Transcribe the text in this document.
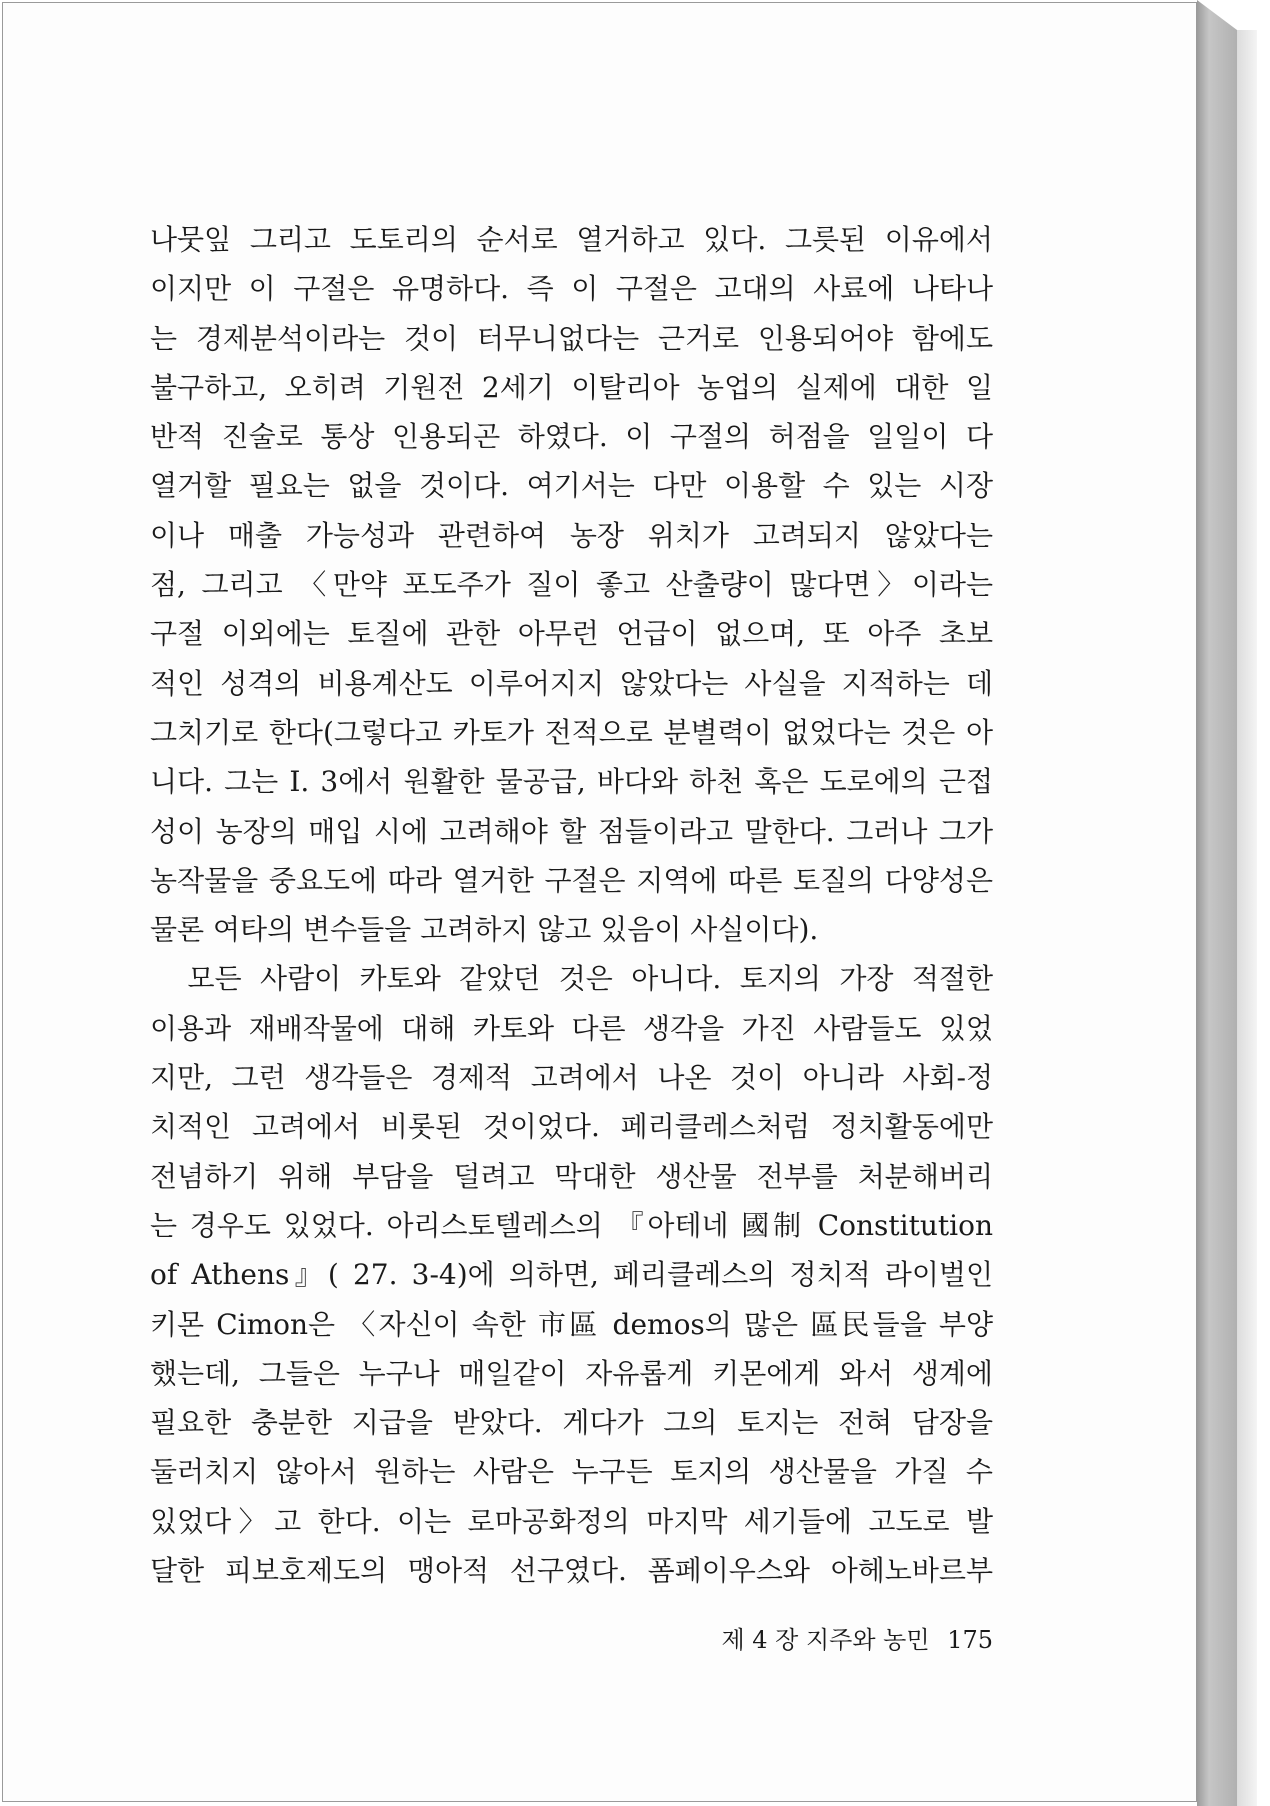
나뭇잎 그리고 도토리의 순서로 열거하고 있다. 그릇된 이유에서
이지만 이 구절은 유명하다. 즉 이 구절은 고대의 사료에 나타나
는 경제분석이라는 것이 터무니없다는 근거로 인용되어야 함에도
불구하고, 오히려 기원전 2세기 이탈리아 농업의 실제에 대한 일
반적 진술로 통상 인용되곤 하였다. 이 구절의 허점을 일일이 다
열거할 필요는 없을 것이다. 여기서는 다만 이용할 수 있는 시장
이나 매출 가능성과 관련하여 농장 위치가 고려되지 않았다는
점, 그리고 〈만약 포도주가 질이 좋고 산출량이 많다면〉이라는
구절 이외에는 토질에 관한 아무런 언급이 없으며, 또 아주 초보
적인 성격의 비용계산도 이루어지지 않았다는 사실을 지적하는 데
그치기로 한다(그렇다고 카토가 전적으로 분별력이 없었다는 것은 아
니다. 그는 I. 3에서 원활한 물공급, 바다와 하천 혹은 도로에의 근접
성이 농장의 매입 시에 고려해야 할 점들이라고 말한다. 그러나 그가
농작물을 중요도에 따라 열거한 구절은 지역에 따른 토질의 다양성은
물론 여타의 변수들을 고려하지 않고 있음이 사실이다).
　모든 사람이 카토와 같았던 것은 아니다. 토지의 가장 적절한
이용과 재배작물에 대해 카토와 다른 생각을 가진 사람들도 있었
지만, 그런 생각들은 경제적 고려에서 나온 것이 아니라 사회-정
치적인 고려에서 비롯된 것이었다. 페리클레스처럼 정치활동에만
전념하기 위해 부담을 덜려고 막대한 생산물 전부를 처분해버리
는 경우도 있었다. 아리스토텔레스의 『아테네 國制 Constitution
of Athens』( 27. 3-4)에 의하면, 페리클레스의 정치적 라이벌인
키몬 Cimon은 〈자신이 속한 市區 demos의 많은 區民들을 부양
했는데, 그들은 누구나 매일같이 자유롭게 키몬에게 와서 생계에
필요한 충분한 지급을 받았다. 게다가 그의 토지는 전혀 담장을
둘러치지 않아서 원하는 사람은 누구든 토지의 생산물을 가질 수
있었다〉고 한다. 이는 로마공화정의 마지막 세기들에 고도로 발
달한 피보호제도의 맹아적 선구였다. 폼페이우스와 아헤노바르부
제 4 장 지주와 농민 175
